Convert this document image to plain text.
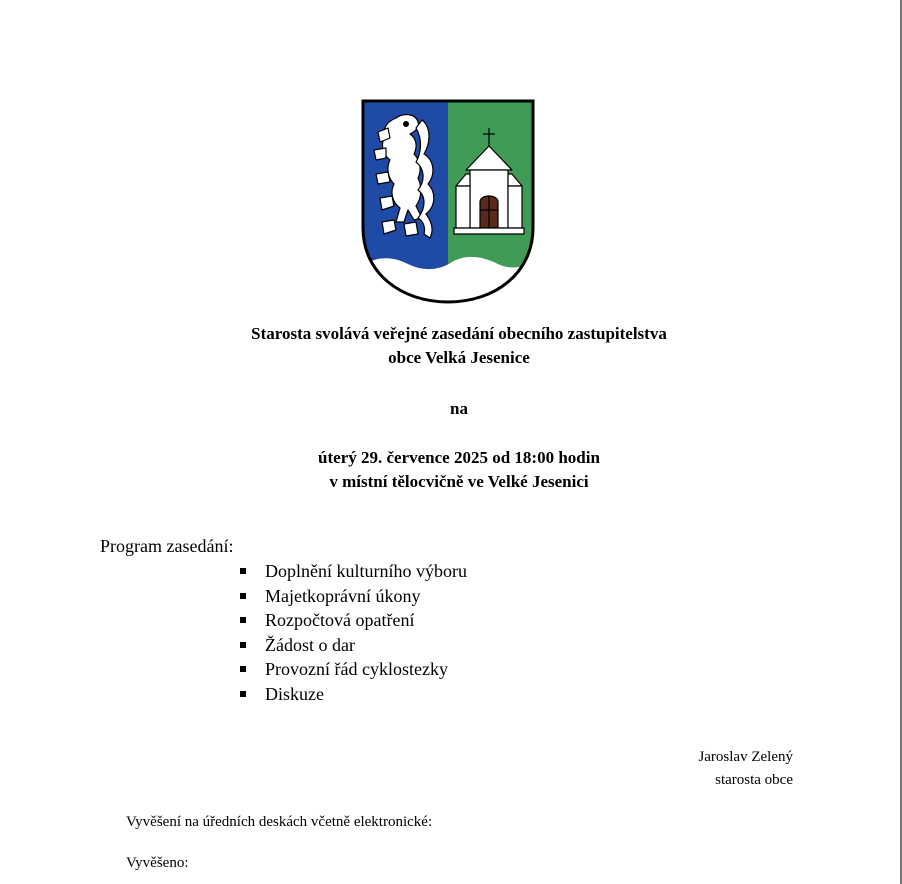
Starosta svolává veřejné zasedání obecního zastupitelstva
obce Velká Jesenice
na
úterý 29. července 2025 od 18:00 hodin
v místní tělocvičně ve Velké Jesenici
Program zasedání:
Doplnění kulturního výboru
Majetkoprávní úkony
Rozpočtová opatření
Žádost o dar
Provozní řád cyklostezky
Diskuze
Jaroslav Zelený
starosta obce
Vyvěšení na úředních deskách včetně elektronické:
Vyvěšeno:
